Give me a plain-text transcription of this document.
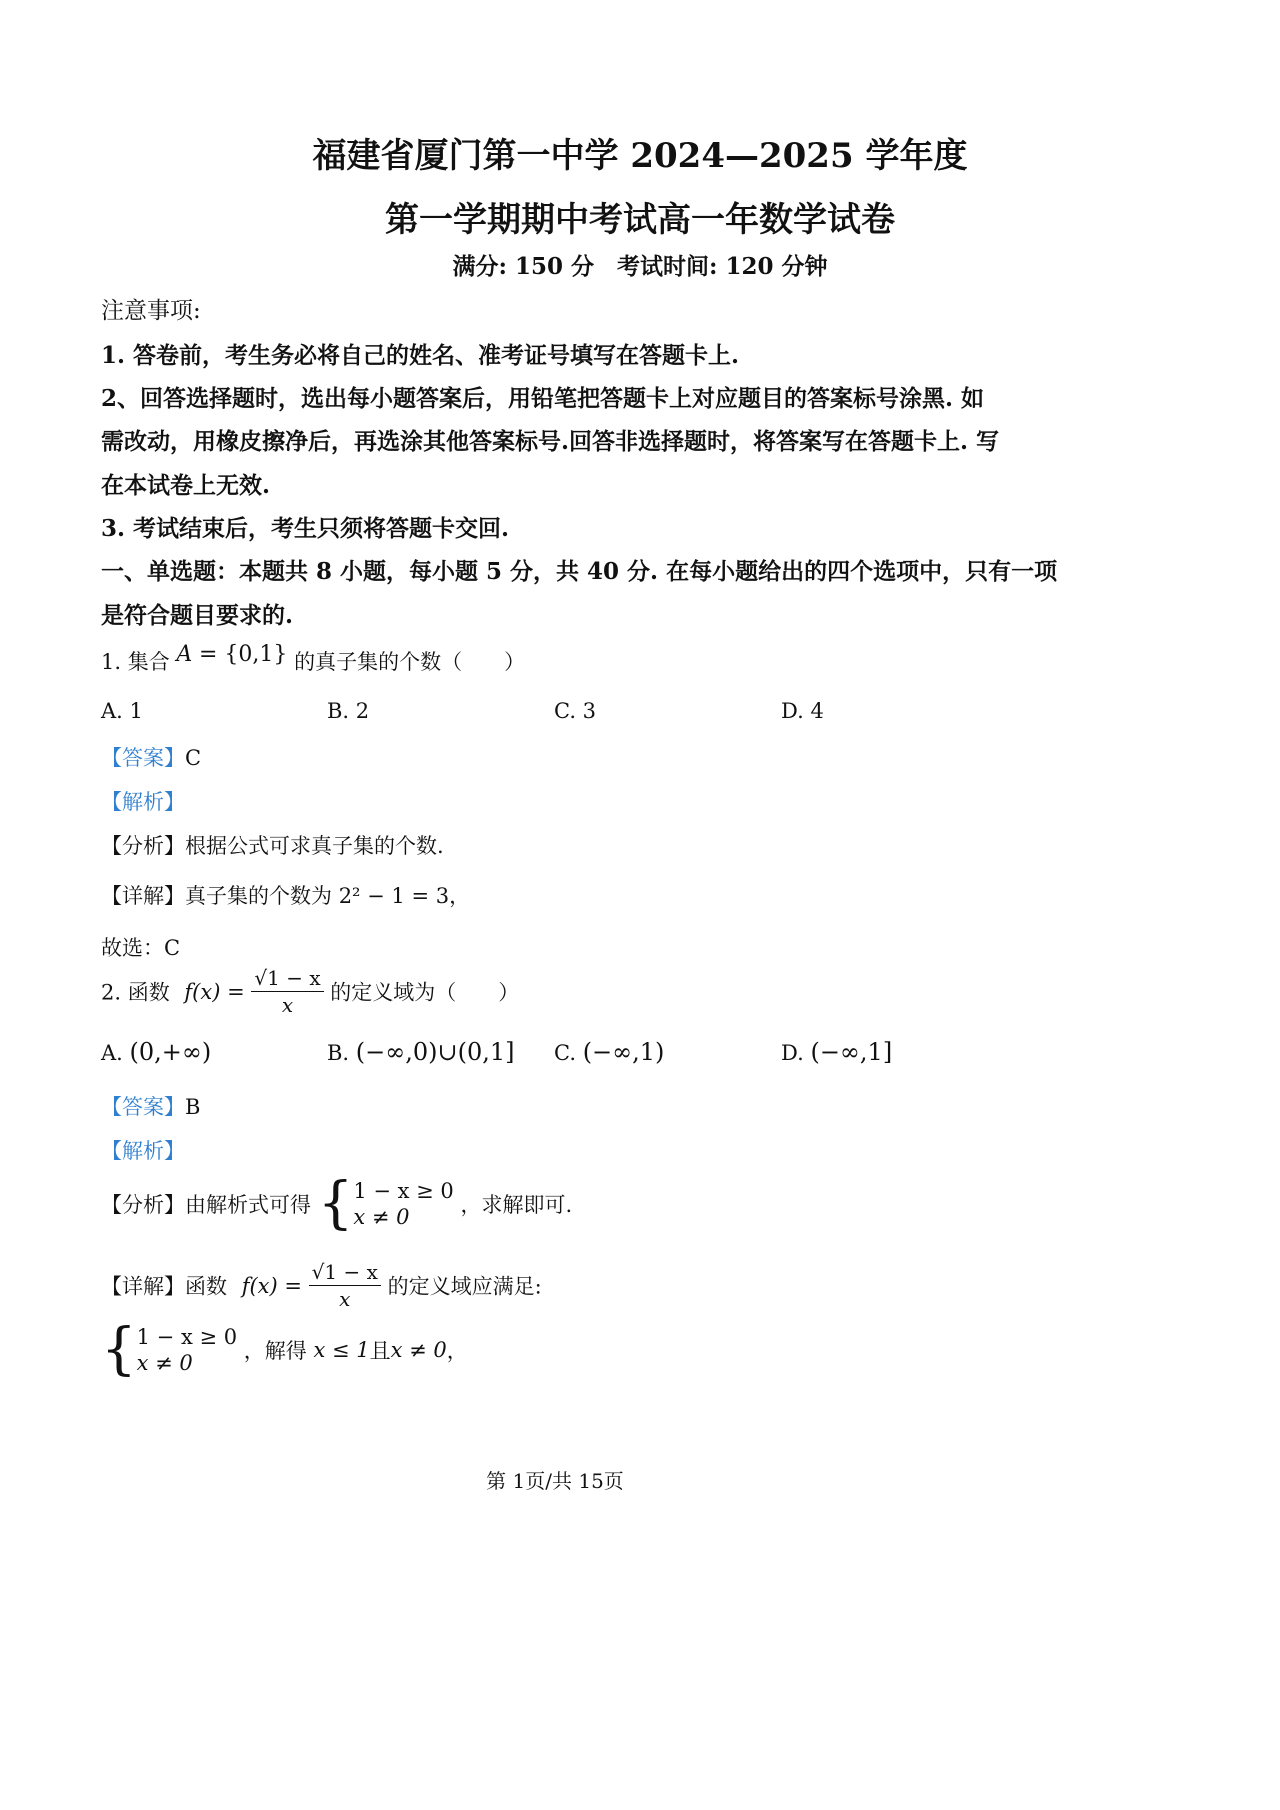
福建省厦门第一中学 2024—2025 学年度
第一学期期中考试高一年数学试卷
满分: 150 分　考试时间: 120 分钟
注意事项:
1. 答卷前，考生务必将自己的姓名、准考证号填写在答题卡上.
2、回答选择题时，选出每小题答案后，用铅笔把答题卡上对应题目的答案标号涂黑. 如
需改动，用橡皮擦净后，再选涂其他答案标号.回答非选择题时，将答案写在答题卡上. 写
在本试卷上无效.
3. 考试结束后，考生只须将答题卡交回.
一、单选题：本题共 8 小题，每小题 5 分，共 40 分. 在每小题给出的四个选项中，只有一项
是符合题目要求的.
1. 集合 A = {0,1} 的真子集的个数（　　）
A. 1	B. 2	C. 3	D. 4
【答案】C
【解析】
【分析】根据公式可求真子集的个数.
【详解】真子集的个数为 2² − 1 = 3，
故选：C
2. 函数 $f(x) = \frac{√1 - x}{x}$ 的定义域为（　　）
A. (0,+∞)	B. (−∞,0)∪(0,1] C. (−∞,1)	D. (−∞,1]
【答案】B
【解析】
【分析】由解析式可得 { 1 − x ≥ 0
x ≠ 0	，求解即可.
【详解】函数 $f(x) = \frac{√1 - x}{x}$ 的定义域应满足:
{ 1 − x ≥ 0
x ≠ 0	，解得 x ≤ 1且x ≠ 0，
第 1页/共 15页
